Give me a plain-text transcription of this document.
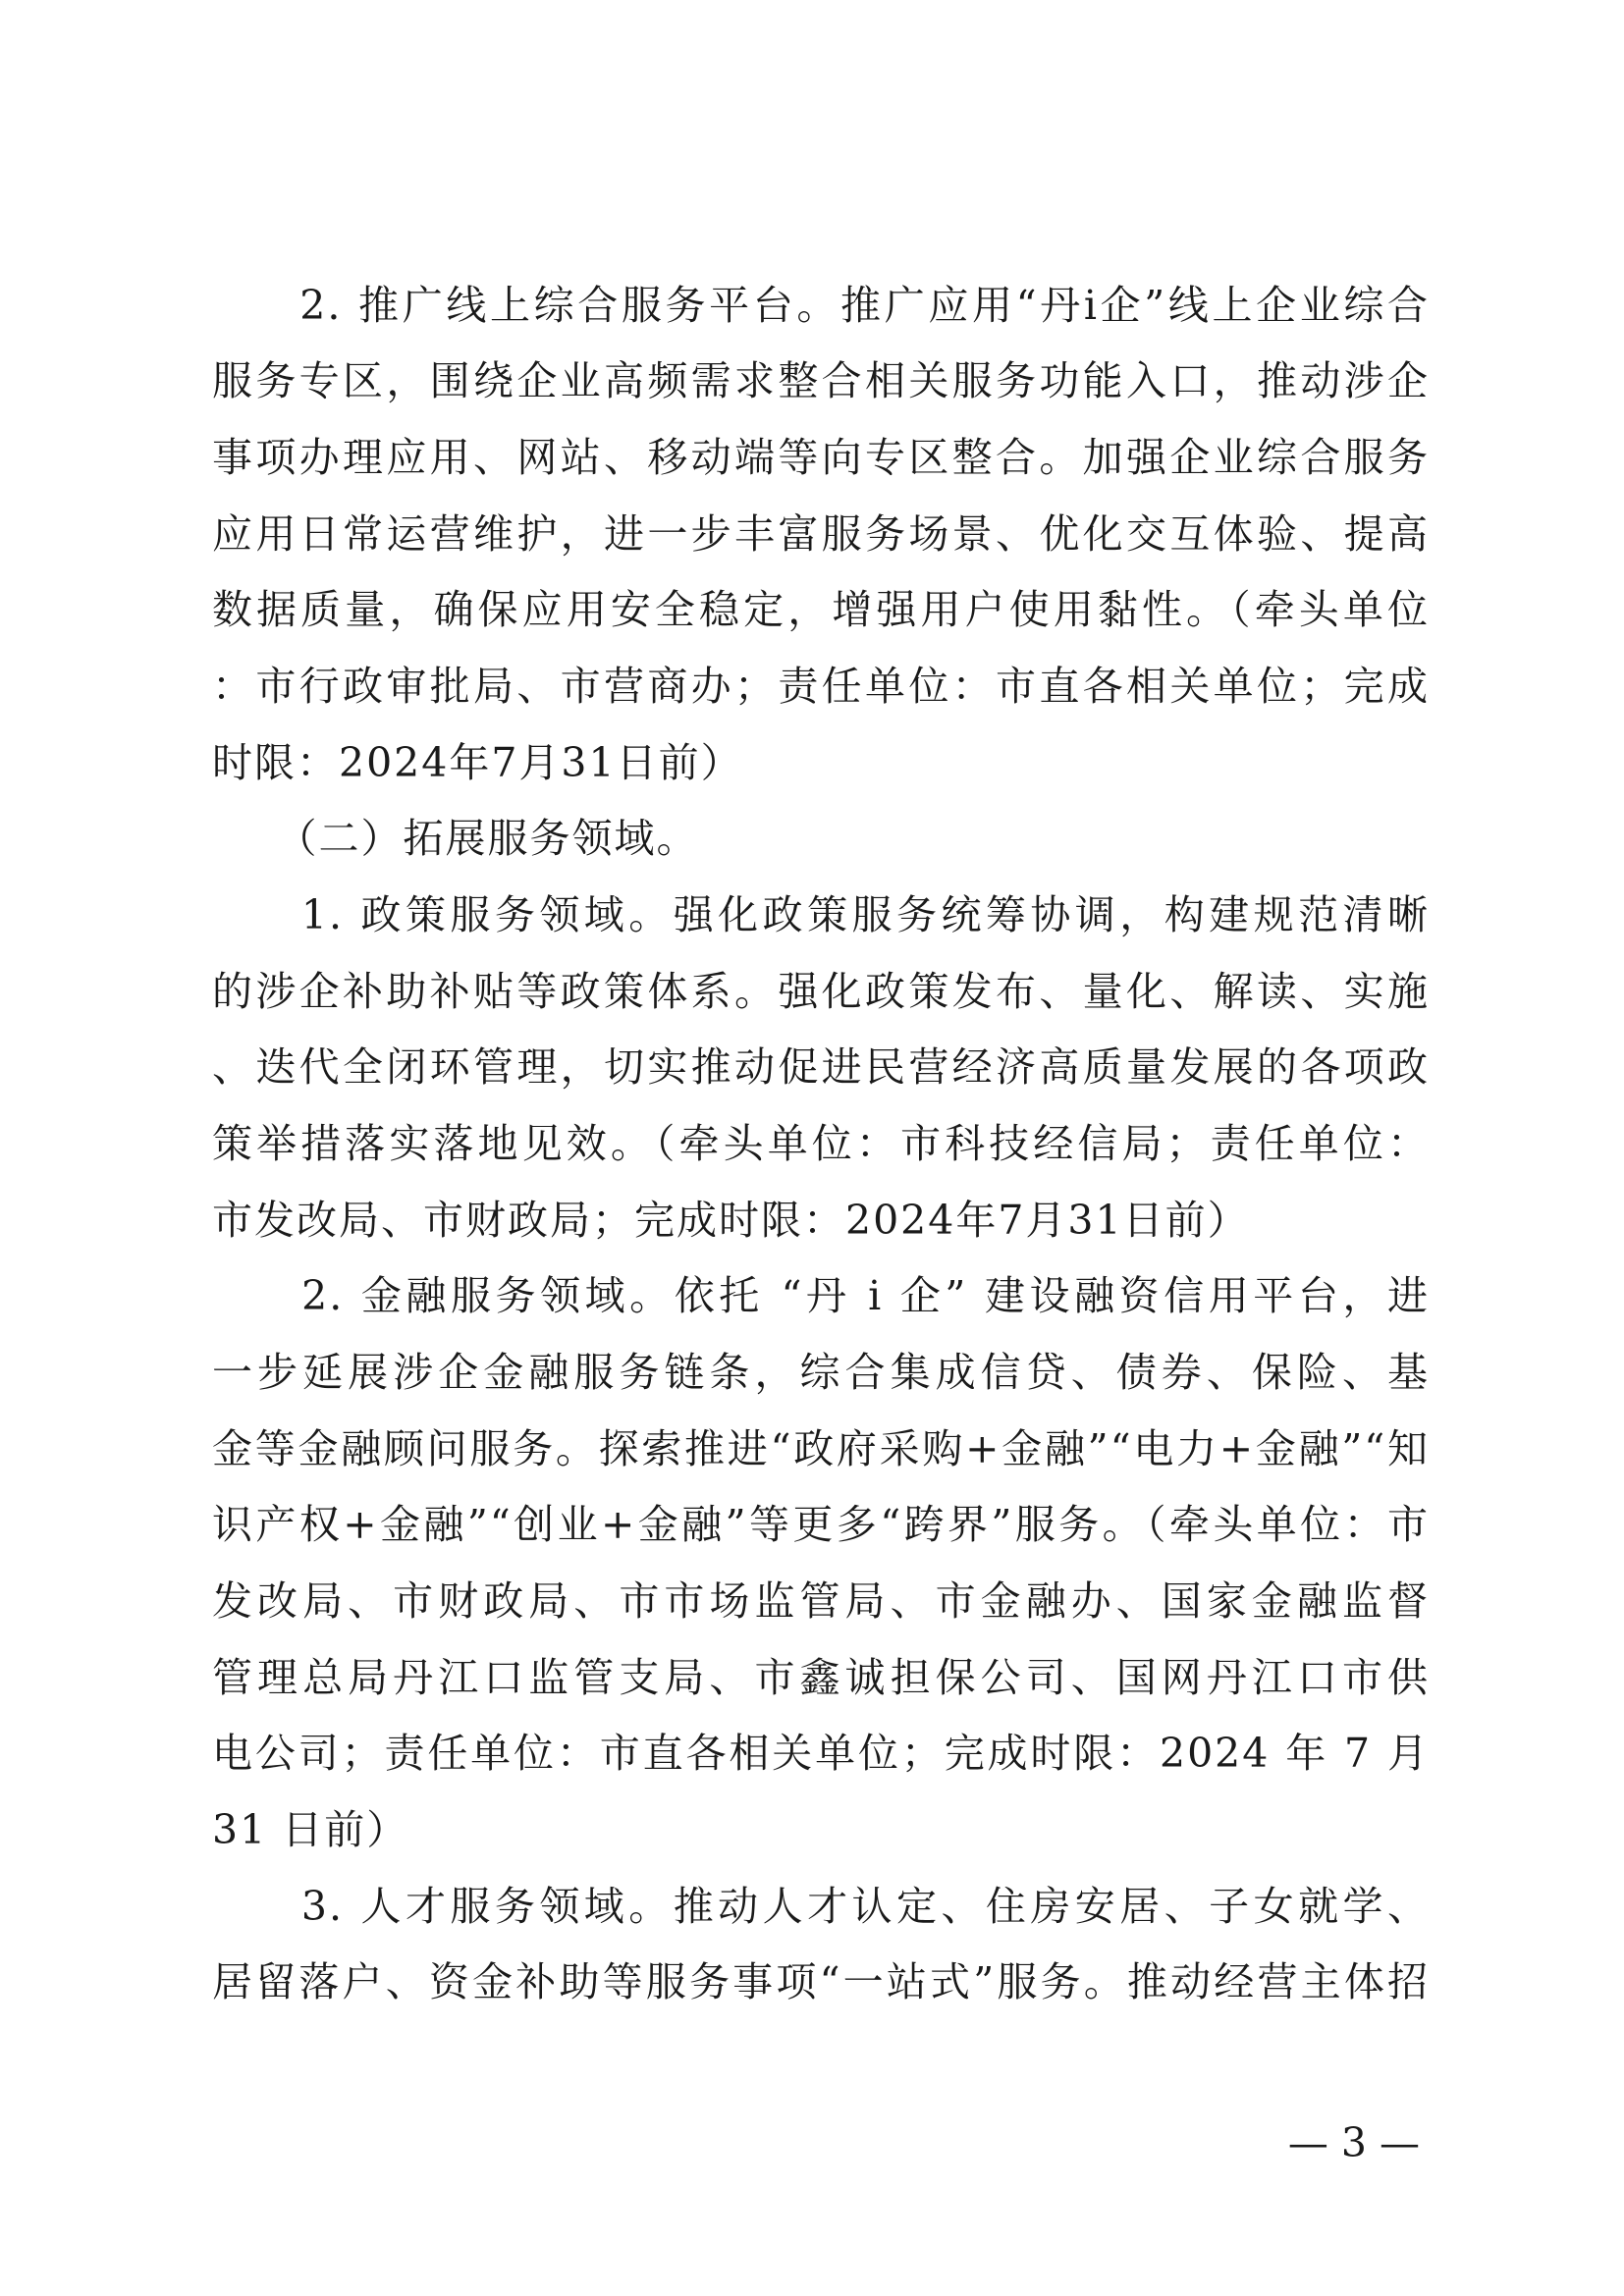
　　2. 推广线上综合服务平台。推广应用“丹i企”线上企业综合
服务专区，围绕企业高频需求整合相关服务功能入口，推动涉企
事项办理应用、网站、移动端等向专区整合。加强企业综合服务
应用日常运营维护，进一步丰富服务场景、优化交互体验、提高
数据质量，确保应用安全稳定，增强用户使用黏性。（牵头单位
：市行政审批局、市营商办；责任单位：市直各相关单位；完成
时限：2024年7月31日前）
　　（二）拓展服务领域。
　　1. 政策服务领域。强化政策服务统筹协调，构建规范清晰
的涉企补助补贴等政策体系。强化政策发布、量化、解读、实施
、迭代全闭环管理，切实推动促进民营经济高质量发展的各项政
策举措落实落地见效。（牵头单位：市科技经信局；责任单位：
市发改局、市财政局；完成时限：2024年7月31日前）
　　2. 金融服务领域。依托 “丹 i 企” 建设融资信用平台，进
一步延展涉企金融服务链条，综合集成信贷、债券、保险、基
金等金融顾问服务。探索推进“政府采购+金融”“电力+金融”“知
识产权+金融”“创业+金融”等更多“跨界”服务。（牵头单位：市
发改局、市财政局、市市场监管局、市金融办、国家金融监督
管理总局丹江口监管支局、市鑫诚担保公司、国网丹江口市供
电公司；责任单位：市直各相关单位；完成时限：2024 年 7 月
31 日前）
　　3. 人才服务领域。推动人才认定、住房安居、子女就学、
居留落户、资金补助等服务事项“一站式”服务。推动经营主体招
— 3 —
